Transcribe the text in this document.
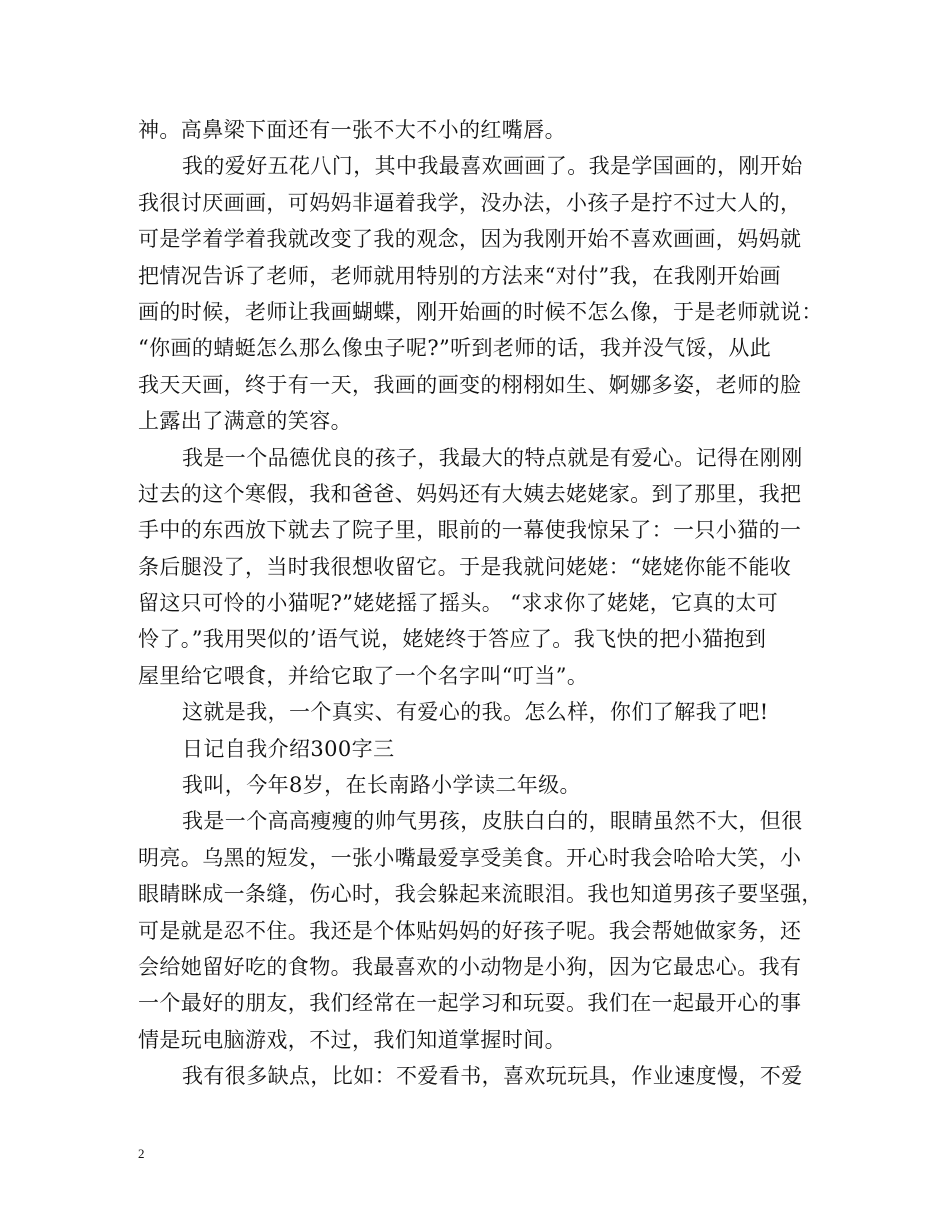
神。高鼻梁下面还有一张不大不小的红嘴唇。
我的爱好五花八门，其中我最喜欢画画了。我是学国画的，刚开始
我很讨厌画画，可妈妈非逼着我学，没办法，小孩子是拧不过大人的，
可是学着学着我就改变了我的观念，因为我刚开始不喜欢画画，妈妈就
把情况告诉了老师，老师就用特别的方法来“对付”我，在我刚开始画
画的时候，老师让我画蝴蝶，刚开始画的时候不怎么像，于是老师就说：
“你画的蜻蜓怎么那么像虫子呢?”听到老师的话，我并没气馁，从此
我天天画，终于有一天，我画的画变的栩栩如生、婀娜多姿，老师的脸
上露出了满意的笑容。
我是一个品德优良的孩子，我最大的特点就是有爱心。记得在刚刚
过去的这个寒假，我和爸爸、妈妈还有大姨去姥姥家。到了那里，我把
手中的东西放下就去了院子里，眼前的一幕使我惊呆了：一只小猫的一
条后腿没了，当时我很想收留它。于是我就问姥姥：“姥姥你能不能收
留这只可怜的小猫呢?”姥姥摇了摇头。 “求求你了姥姥，它真的太可
怜了。”我用哭似的’语气说，姥姥终于答应了。我飞快的把小猫抱到
屋里给它喂食，并给它取了一个名字叫“叮当”。
这就是我，一个真实、有爱心的我。怎么样，你们了解我了吧!
日记自我介绍300字三
我叫，今年8岁，在长南路小学读二年级。
我是一个高高瘦瘦的帅气男孩，皮肤白白的，眼睛虽然不大，但很
明亮。乌黑的短发，一张小嘴最爱享受美食。开心时我会哈哈大笑，小
眼睛眯成一条缝，伤心时，我会躲起来流眼泪。我也知道男孩子要坚强，
可是就是忍不住。我还是个体贴妈妈的好孩子呢。我会帮她做家务，还
会给她留好吃的食物。我最喜欢的小动物是小狗，因为它最忠心。我有
一个最好的朋友，我们经常在一起学习和玩耍。我们在一起最开心的事
情是玩电脑游戏，不过，我们知道掌握时间。
我有很多缺点，比如：不爱看书，喜欢玩玩具，作业速度慢，不爱
2
